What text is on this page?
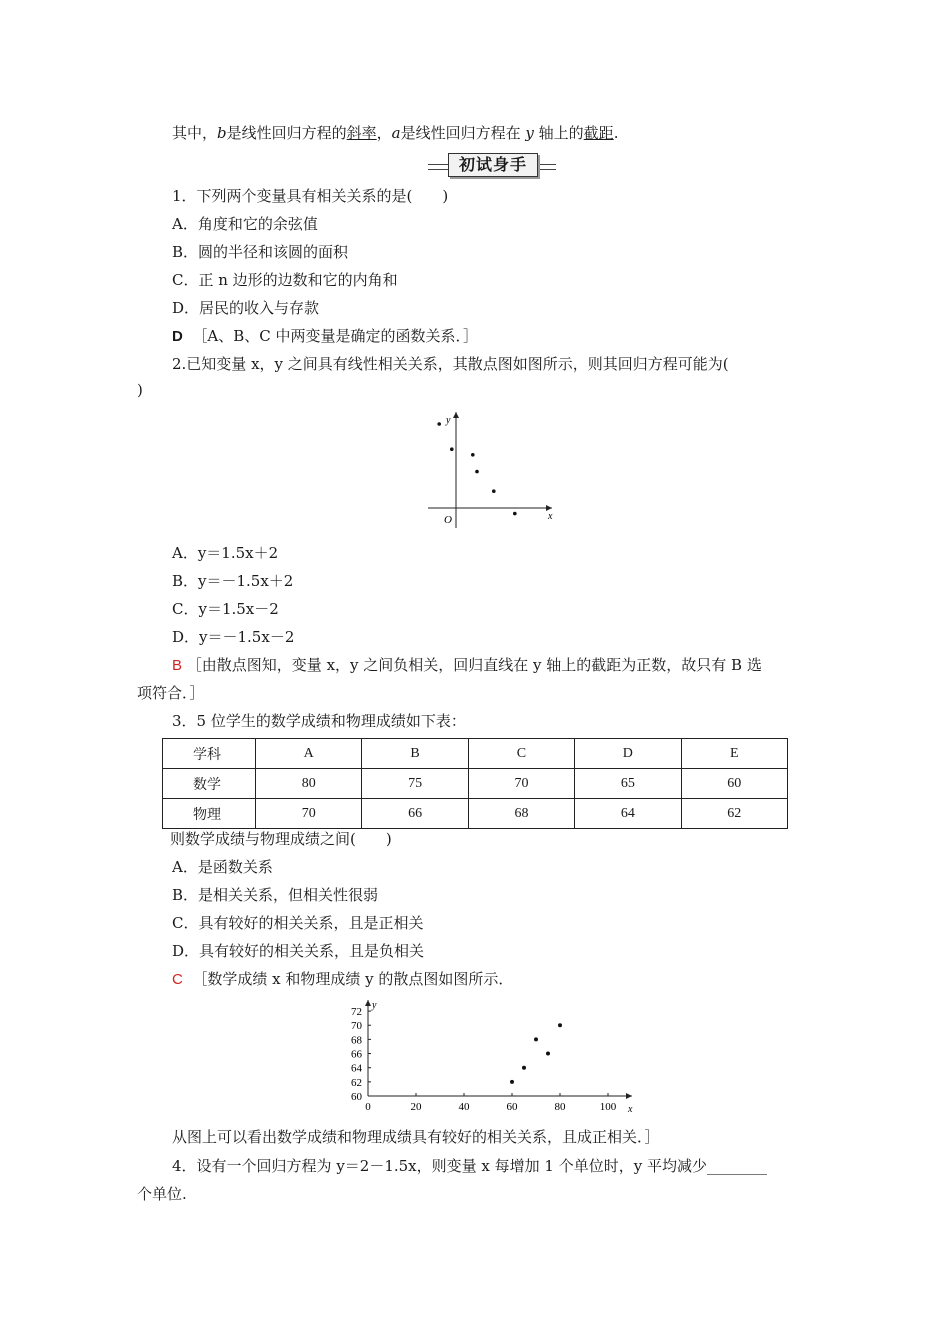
其中，b是线性回归方程的斜率，a是线性回归方程在 y 轴上的截距.
初试身手
1．下列两个变量具有相关关系的是(　　)
A．角度和它的余弦值
B．圆的半径和该圆的面积
C．正 n 边形的边数和它的内角和
D．居民的收入与存款
D ［A、B、C 中两变量是确定的函数关系．］
2.已知变量 x，y 之间具有线性相关关系，其散点图如图所示，则其回归方程可能为(
)
x
y
O
A．y＝1.5x＋2
B．y＝－1.5x＋2
C．y＝1.5x－2
D．y＝－1.5x－2
B ［由散点图知，变量 x，y 之间负相关，回归直线在 y 轴上的截距为正数，故只有 B 选
项符合．］
3．5 位学生的数学成绩和物理成绩如下表：
学科	A	B	C	D	E
数学	80	75	70	65	60
物理	70	66	68	64	62
则数学成绩与物理成绩之间(　　)
A．是函数关系
B．是相关关系，但相关性很弱
C．具有较好的相关关系，且是正相关
D．具有较好的相关关系，且是负相关
C ［数学成绩 x 和物理成绩 y 的散点图如图所示．
x
y
0	20	40	60	80	100
60
62
64
66
68
70
72
从图上可以看出数学成绩和物理成绩具有较好的相关关系，且成正相关．］
4．设有一个回归方程为 y＝2－1.5x，则变量 x 每增加 1 个单位时，y 平均减少________
个单位.
